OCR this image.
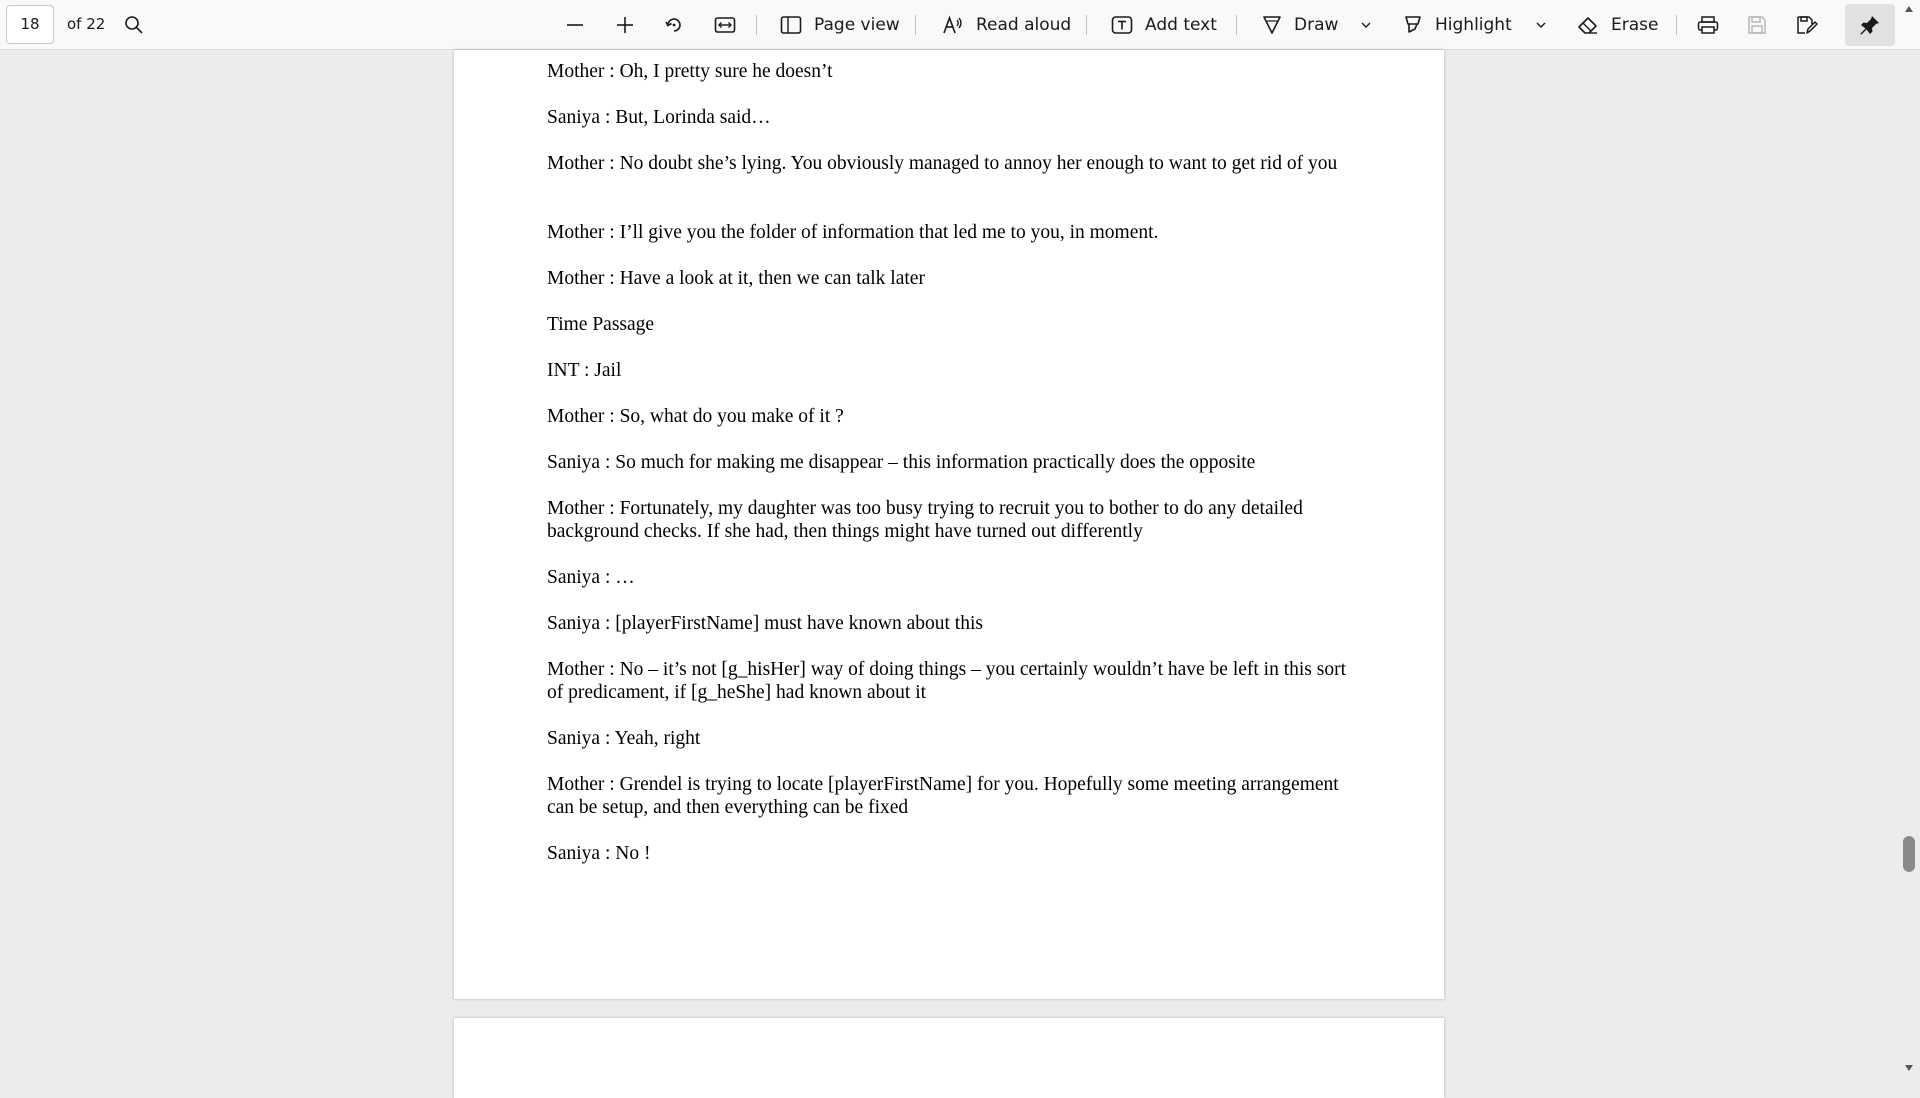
18	of 22	Page view	Read aloud	Add text	Draw	Highlight	Erase

Mother : Oh, I pretty sure he doesn’t

Saniya : But, Lorinda said…

Mother : No doubt she’s lying. You obviously managed to annoy her enough to want to get rid of you

Mother : I’ll give you the folder of information that led me to you, in moment.

Mother : Have a look at it, then we can talk later

Time Passage

INT : Jail

Mother : So, what do you make of it ?

Saniya : So much for making me disappear – this information practically does the opposite

Mother : Fortunately, my daughter was too busy trying to recruit you to bother to do any detailed background checks. If she had, then things might have turned out differently

Saniya : …

Saniya : [playerFirstName] must have known about this

Mother : No – it’s not [g_hisHer] way of doing things – you certainly wouldn’t have be left in this sort of predicament, if [g_heShe] had known about it

Saniya : Yeah, right

Mother : Grendel is trying to locate [playerFirstName] for you. Hopefully some meeting arrangement can be setup, and then everything can be fixed

Saniya : No !
